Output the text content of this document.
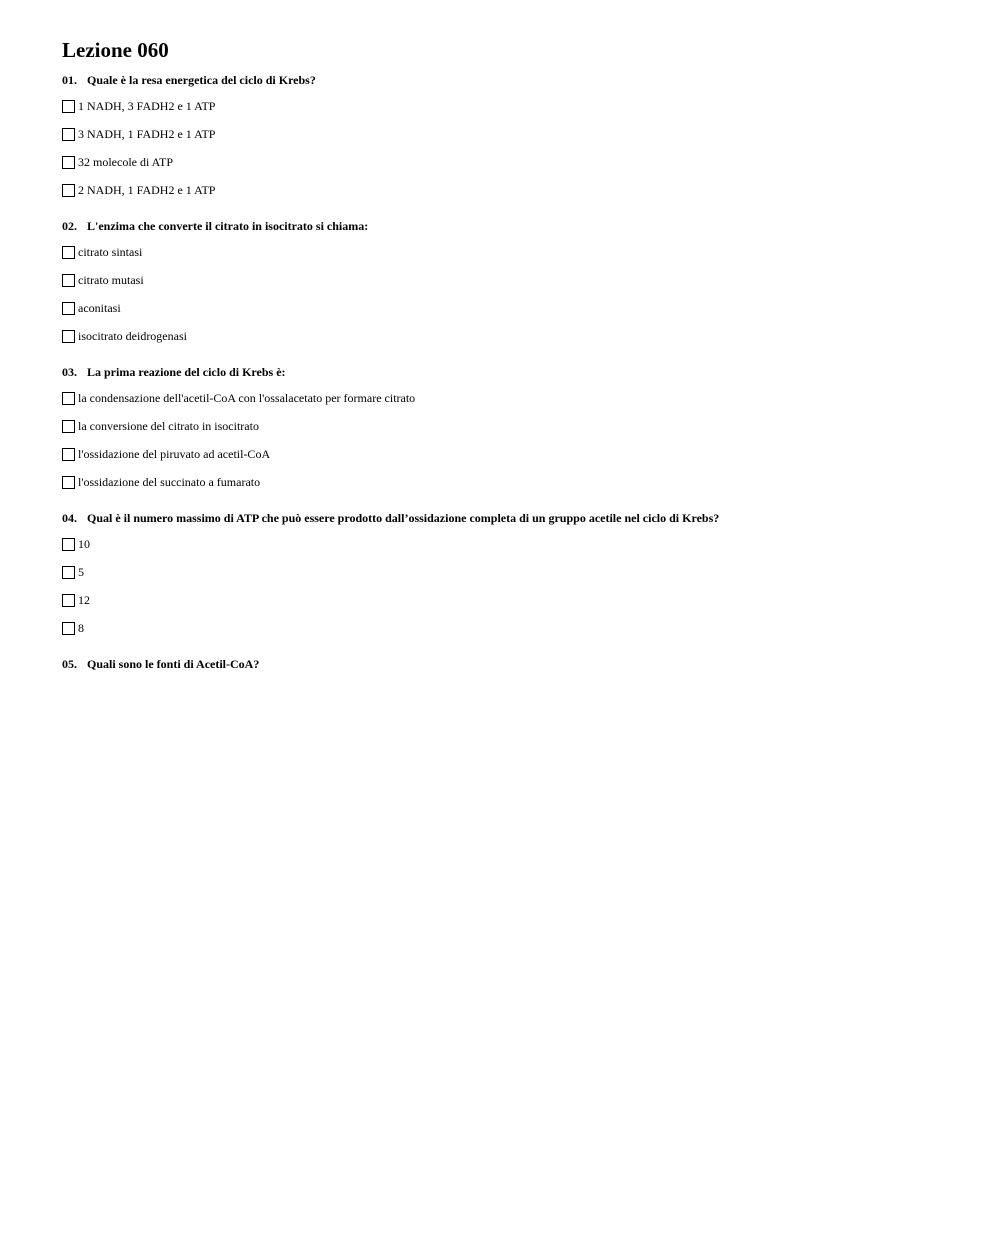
Lezione 060
01. Quale è la resa energetica del ciclo di Krebs?
1 NADH, 3 FADH2 e 1 ATP
3 NADH, 1 FADH2 e 1 ATP
32 molecole di ATP
2 NADH, 1 FADH2 e 1 ATP
02. L'enzima che converte il citrato in isocitrato si chiama:
citrato sintasi
citrato mutasi
aconitasi
isocitrato deidrogenasi
03. La prima reazione del ciclo di Krebs è:
la condensazione dell'acetil-CoA con l'ossalacetato per formare citrato
la conversione del citrato in isocitrato
l'ossidazione del piruvato ad acetil-CoA
l'ossidazione del succinato a fumarato
04. Qual è il numero massimo di ATP che può essere prodotto dall’ossidazione completa di un gruppo acetile nel ciclo di Krebs?
10
5
12
8
05. Quali sono le fonti di Acetil-CoA?
